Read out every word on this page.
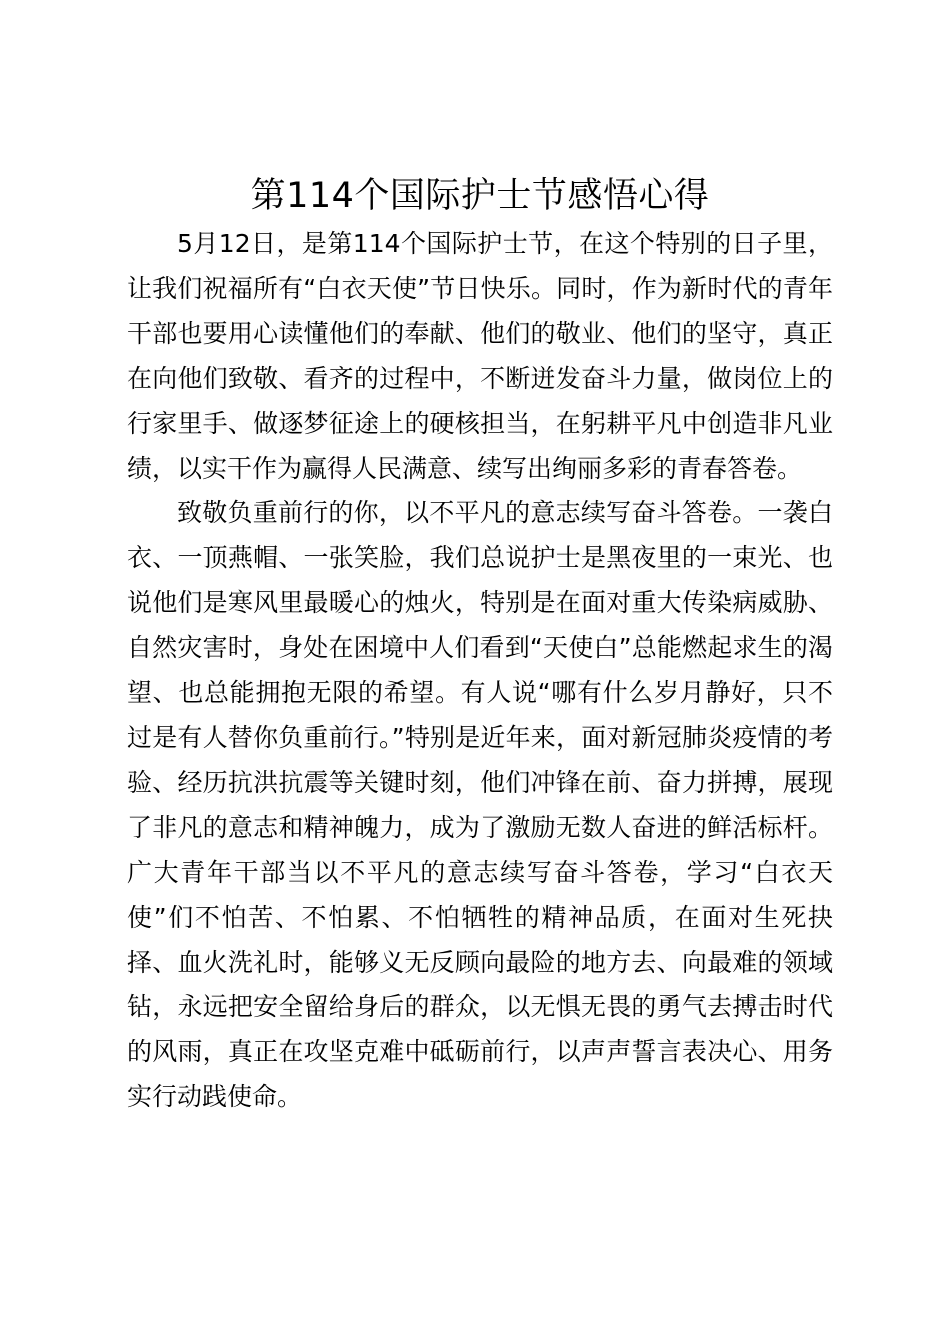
第114个国际护士节感悟心得

5月12日，是第114个国际护士节，在这个特别的日子里，让我们祝福所有“白衣天使”节日快乐。同时，作为新时代的青年干部也要用心读懂他们的奉献、他们的敬业、他们的坚守，真正在向他们致敬、看齐的过程中，不断迸发奋斗力量，做岗位上的行家里手、做逐梦征途上的硬核担当，在躬耕平凡中创造非凡业绩，以实干作为赢得人民满意、续写出绚丽多彩的青春答卷。

致敬负重前行的你，以不平凡的意志续写奋斗答卷。一袭白衣、一顶燕帽、一张笑脸，我们总说护士是黑夜里的一束光、也说他们是寒风里最暖心的烛火，特别是在面对重大传染病威胁、自然灾害时，身处在困境中人们看到“天使白”总能燃起求生的渴望、也总能拥抱无限的希望。有人说“哪有什么岁月静好，只不过是有人替你负重前行。”特别是近年来，面对新冠肺炎疫情的考验、经历抗洪抗震等关键时刻，他们冲锋在前、奋力拼搏，展现了非凡的意志和精神魄力，成为了激励无数人奋进的鲜活标杆。广大青年干部当以不平凡的意志续写奋斗答卷，学习“白衣天使”们不怕苦、不怕累、不怕牺牲的精神品质，在面对生死抉择、血火洗礼时，能够义无反顾向最险的地方去、向最难的领域钻，永远把安全留给身后的群众，以无惧无畏的勇气去搏击时代的风雨，真正在攻坚克难中砥砺前行，以声声誓言表决心、用务实行动践使命。
